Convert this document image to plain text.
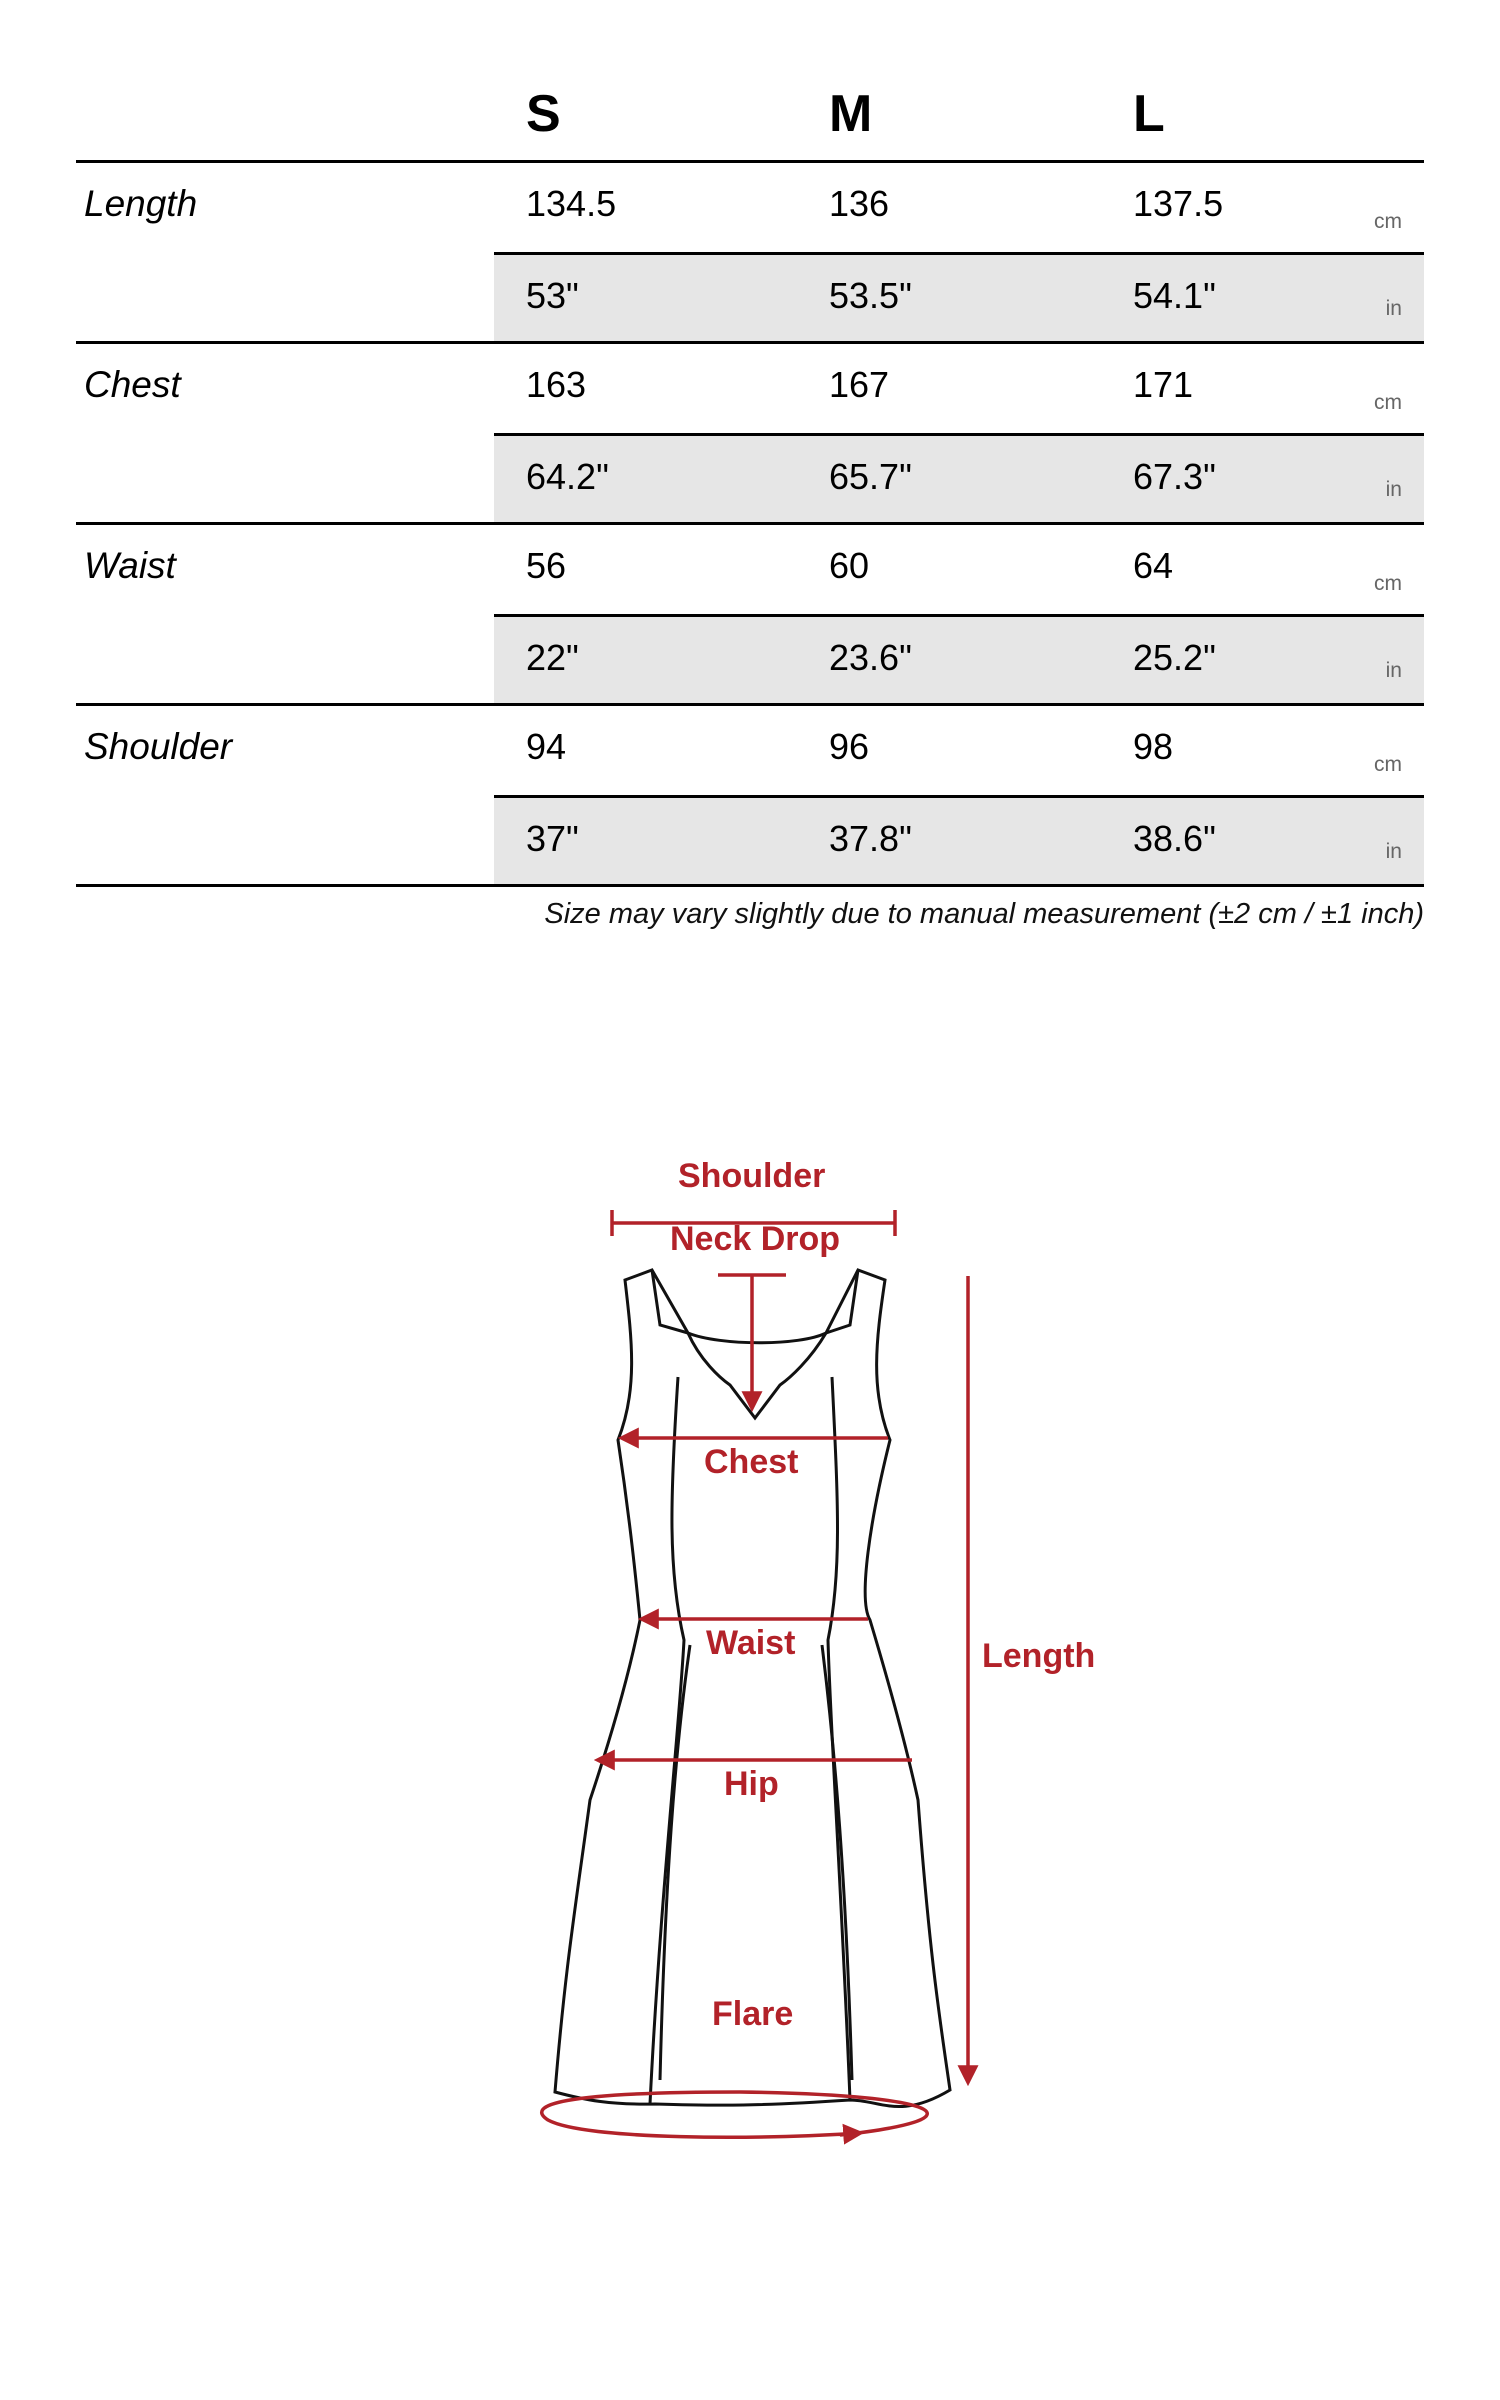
S	M	L
Length	134.5	136	137.5	cm
53"	53.5"	54.1"	in
Chest	163	167	171	cm
64.2"	65.7"	67.3"	in
Waist	56	60	64	cm
22"	23.6"	25.2"	in
Shoulder	94	96	98	cm
37"	37.8"	38.6"	in
Size may vary slightly due to manual measurement (±2 cm / ±1 inch)
Shoulder
Neck Drop
Chest
Waist
Hip
Flare
Length
